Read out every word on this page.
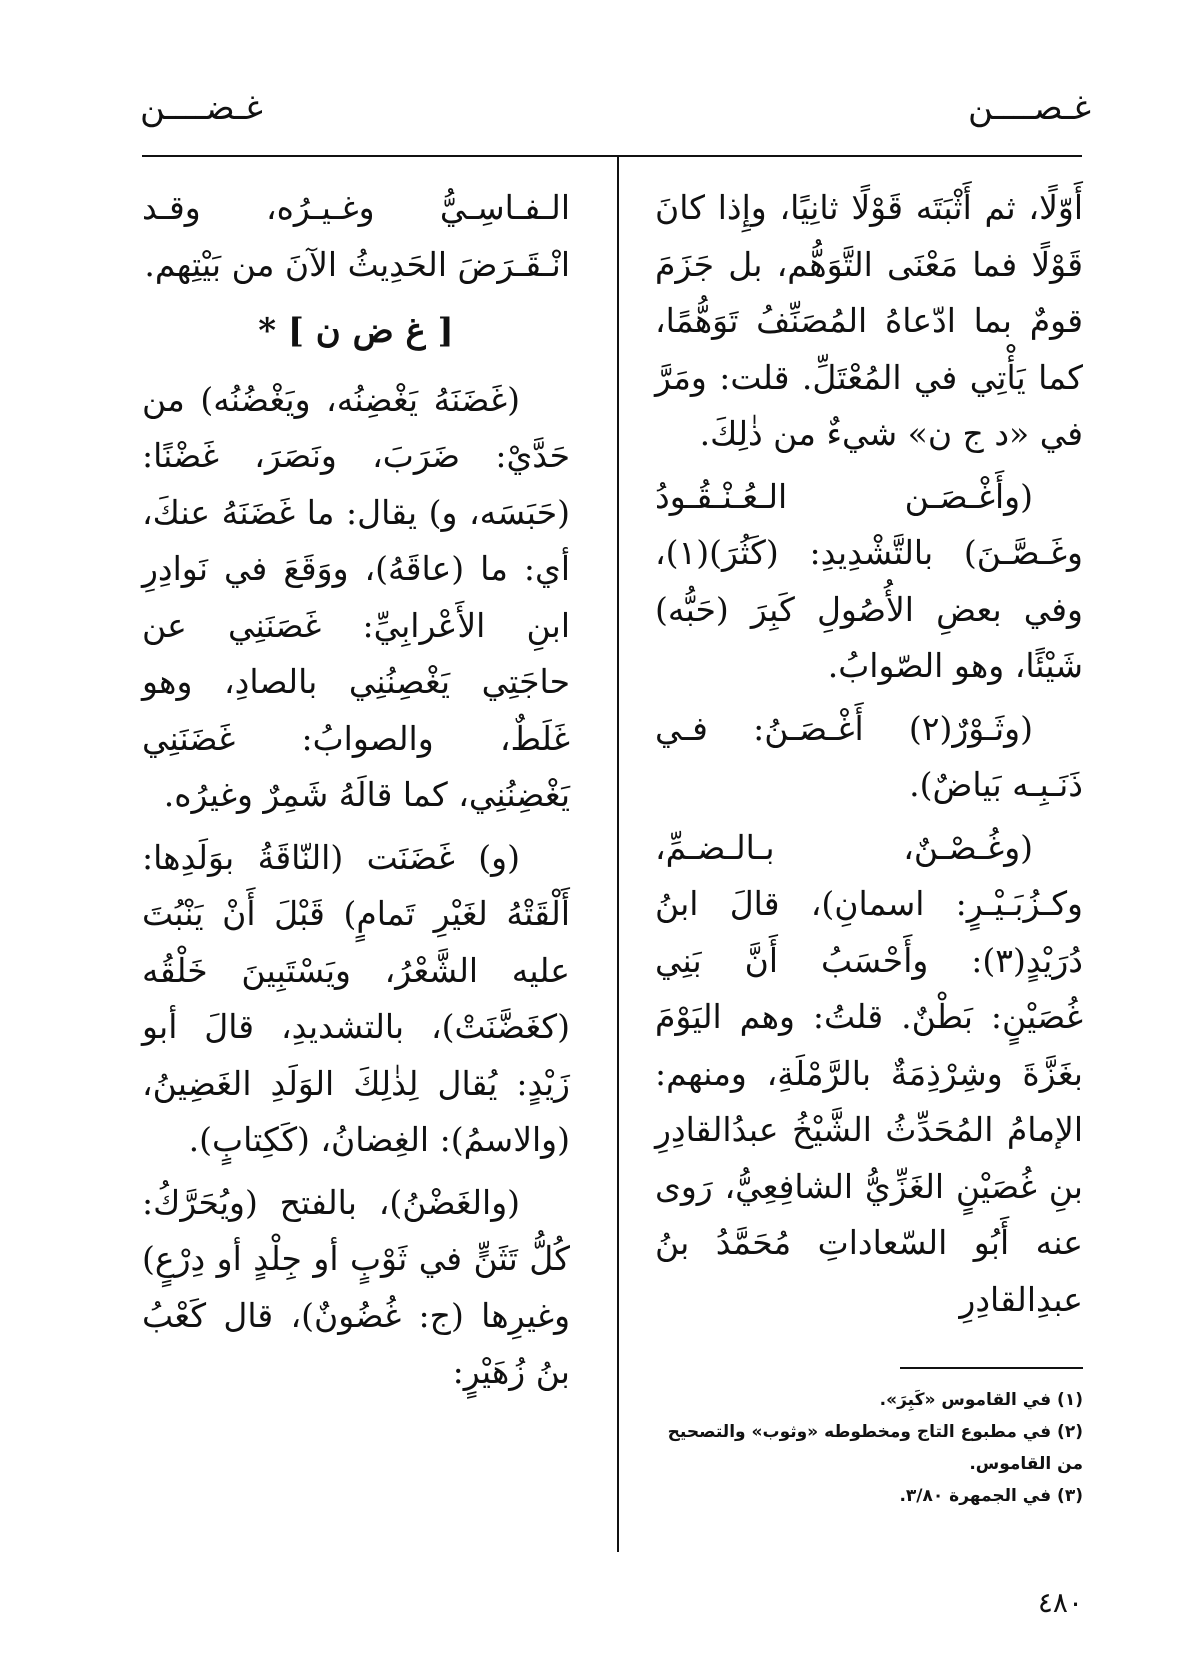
غـصــــن
غـضــــن

أَوّلًا، ثم أَثْبَتَه قَوْلًا ثانِيًا، وإِذا كانَ قَوْلًا فما مَعْنَى التَّوَهُّم، بل جَزَمَ قومٌ بما ادّعاهُ المُصَنِّفُ تَوَهُّمًا، كما يَأْتِي في المُعْتَلِّ. قلت: ومَرَّ في «د ج ن» شيءٌ من ذٰلِكَ.

(وأَغْـصَـن الـعُـنْـقُـودُ وغَـصَّـنَ) بالتَّشْدِيدِ: (كَثُرَ)(١)، وفي بعضِ الأُصُولِ كَبِرَ (حَبُّه) شَيْئًا، وهو الصّوابُ.

(وثَـوْرٌ(٢) أَغْـصَـنُ: فـي ذَنَـبِـه بَياضٌ).

(وغُـصْـنٌ، بـالـضـمِّ، وكـزُبَـيْـرٍ: اسمانِ)، قالَ ابنُ دُرَيْدٍ(٣): وأَحْسَبُ أَنَّ بَنِي غُصَيْنٍ: بَطْنٌ. قلتُ: وهم اليَوْمَ بغَزَّةَ وشِرْذِمَةٌ بالرَّمْلَةِ، ومنهم: الإمامُ المُحَدِّثُ الشَّيْخُ عبدُالقادِرِ بنِ غُصَيْنٍ الغَزِّيُّ الشافِعِيُّ، رَوى عنه أَبُو السّعاداتِ مُحَمَّدُ بنُ عبدِالقادِرِ

الـفـاسِـيُّ وغـيـرُه، وقـد انْـقَـرَضَ الحَدِيثُ الآنَ من بَيْتِهم.

[ غ ض ن ] *

(غَضَنَهُ يَغْضِنُه، ويَغْضُنُه) من حَدَّيْ: ضَرَبَ، ونَصَرَ، غَضْنًا: (حَبَسَه، و) يقال: ما غَضَنَهُ عنكَ، أي: ما (عاقَهُ)، ووَقَعَ في نَوادِرِ ابنِ الأَعْرابِيِّ: غَصَنَنِي عن حاجَتِي يَغْصِنُنِي بالصادِ، وهو غَلَطٌ، والصوابُ: غَضَنَنِي يَغْضِنُنِي، كما قالَهُ شَمِرٌ وغيرُه.

(و) غَضَنَت (النّاقَةُ بوَلَدِها: أَلْقَتْهُ لغَيْرِ تَمامٍ) قَبْلَ أَنْ يَنْبُتَ عليه الشَّعْرُ، ويَسْتَبِينَ خَلْقُه (كغَضَّنَتْ)، بالتشديدِ، قالَ أبو زَيْدٍ: يُقال لِذٰلِكَ الوَلَدِ الغَضِينُ، (والاسمُ): الغِضانُ، (كَكِتابٍ).

(والغَضْنُ)، بالفتح (ويُحَرَّكُ: كُلُّ تَثَنٍّ في ثَوْبٍ أو جِلْدٍ أو دِرْعٍ) وغيرِها (ج: غُضُونٌ)، قال كَعْبُ بنُ زُهَيْرٍ:

(١) في القاموس «كَبِرَ».

(٢) في مطبوع التاج ومخطوطه «وثوب» والتصحيح من القاموس.

(٣) في الجمهرة ٣/٨٠.

٤٨٠
